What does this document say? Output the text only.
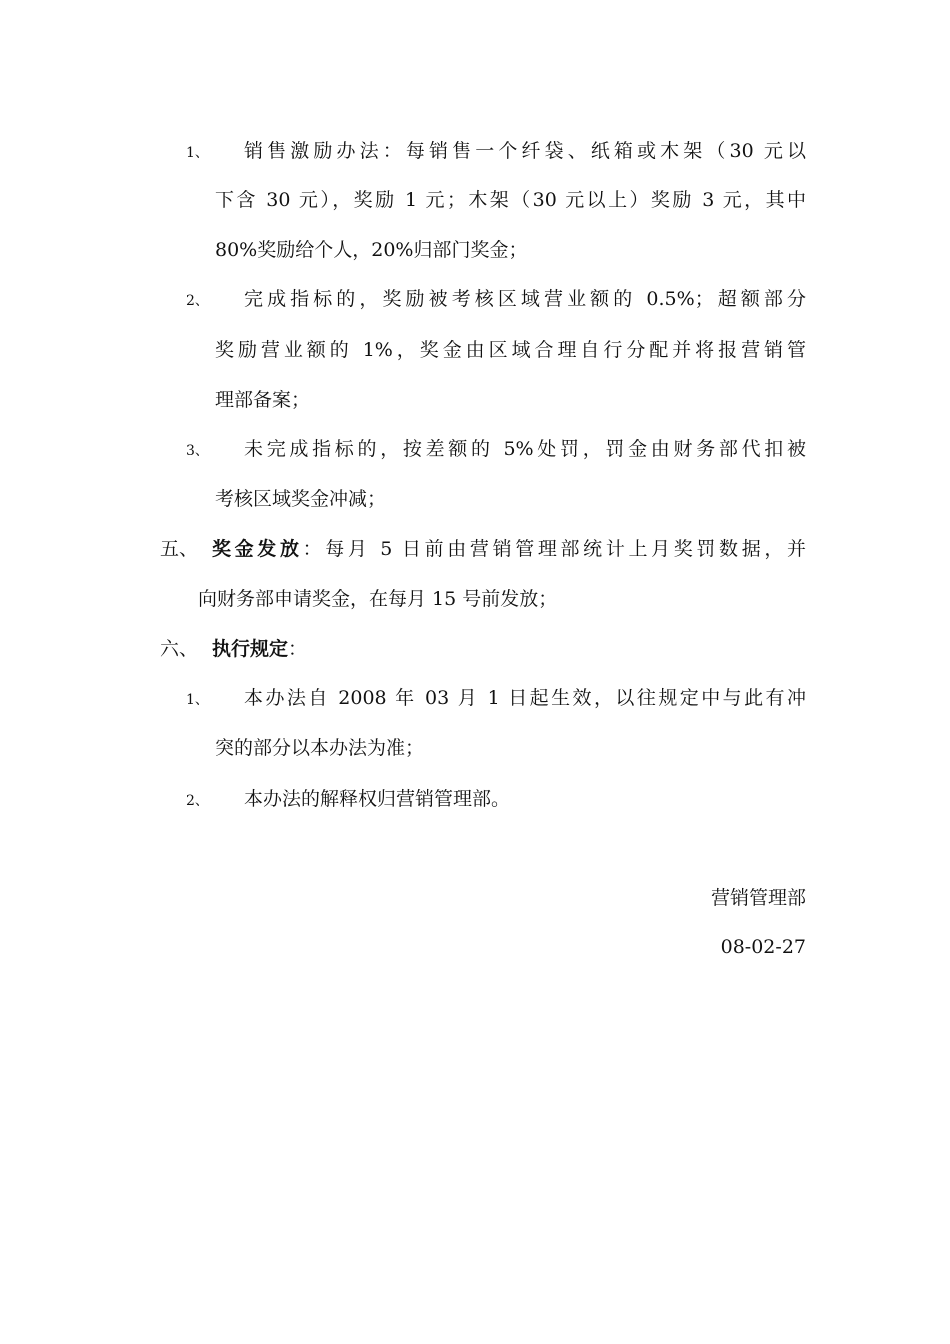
1、 销售激励办法：每销售一个纤袋、纸箱或木架（30 元以
下含 30 元），奖励 1 元；木架（30 元以上）奖励 3 元，其中
80%奖励给个人，20%归部门奖金；
2、 完成指标的，奖励被考核区域营业额的 0.5%；超额部分
奖励营业额的 1%，奖金由区域合理自行分配并将报营销管
理部备案；
3、 未完成指标的，按差额的 5%处罚，罚金由财务部代扣被
考核区域奖金冲减；
五、 奖金发放：每月 5 日前由营销管理部统计上月奖罚数据，并
向财务部申请奖金，在每月 15 号前发放；
六、 执行规定：
1、 本办法自 2008 年 03 月 1 日起生效，以往规定中与此有冲
突的部分以本办法为准；
2、 本办法的解释权归营销管理部。
营销管理部
08-02-27
